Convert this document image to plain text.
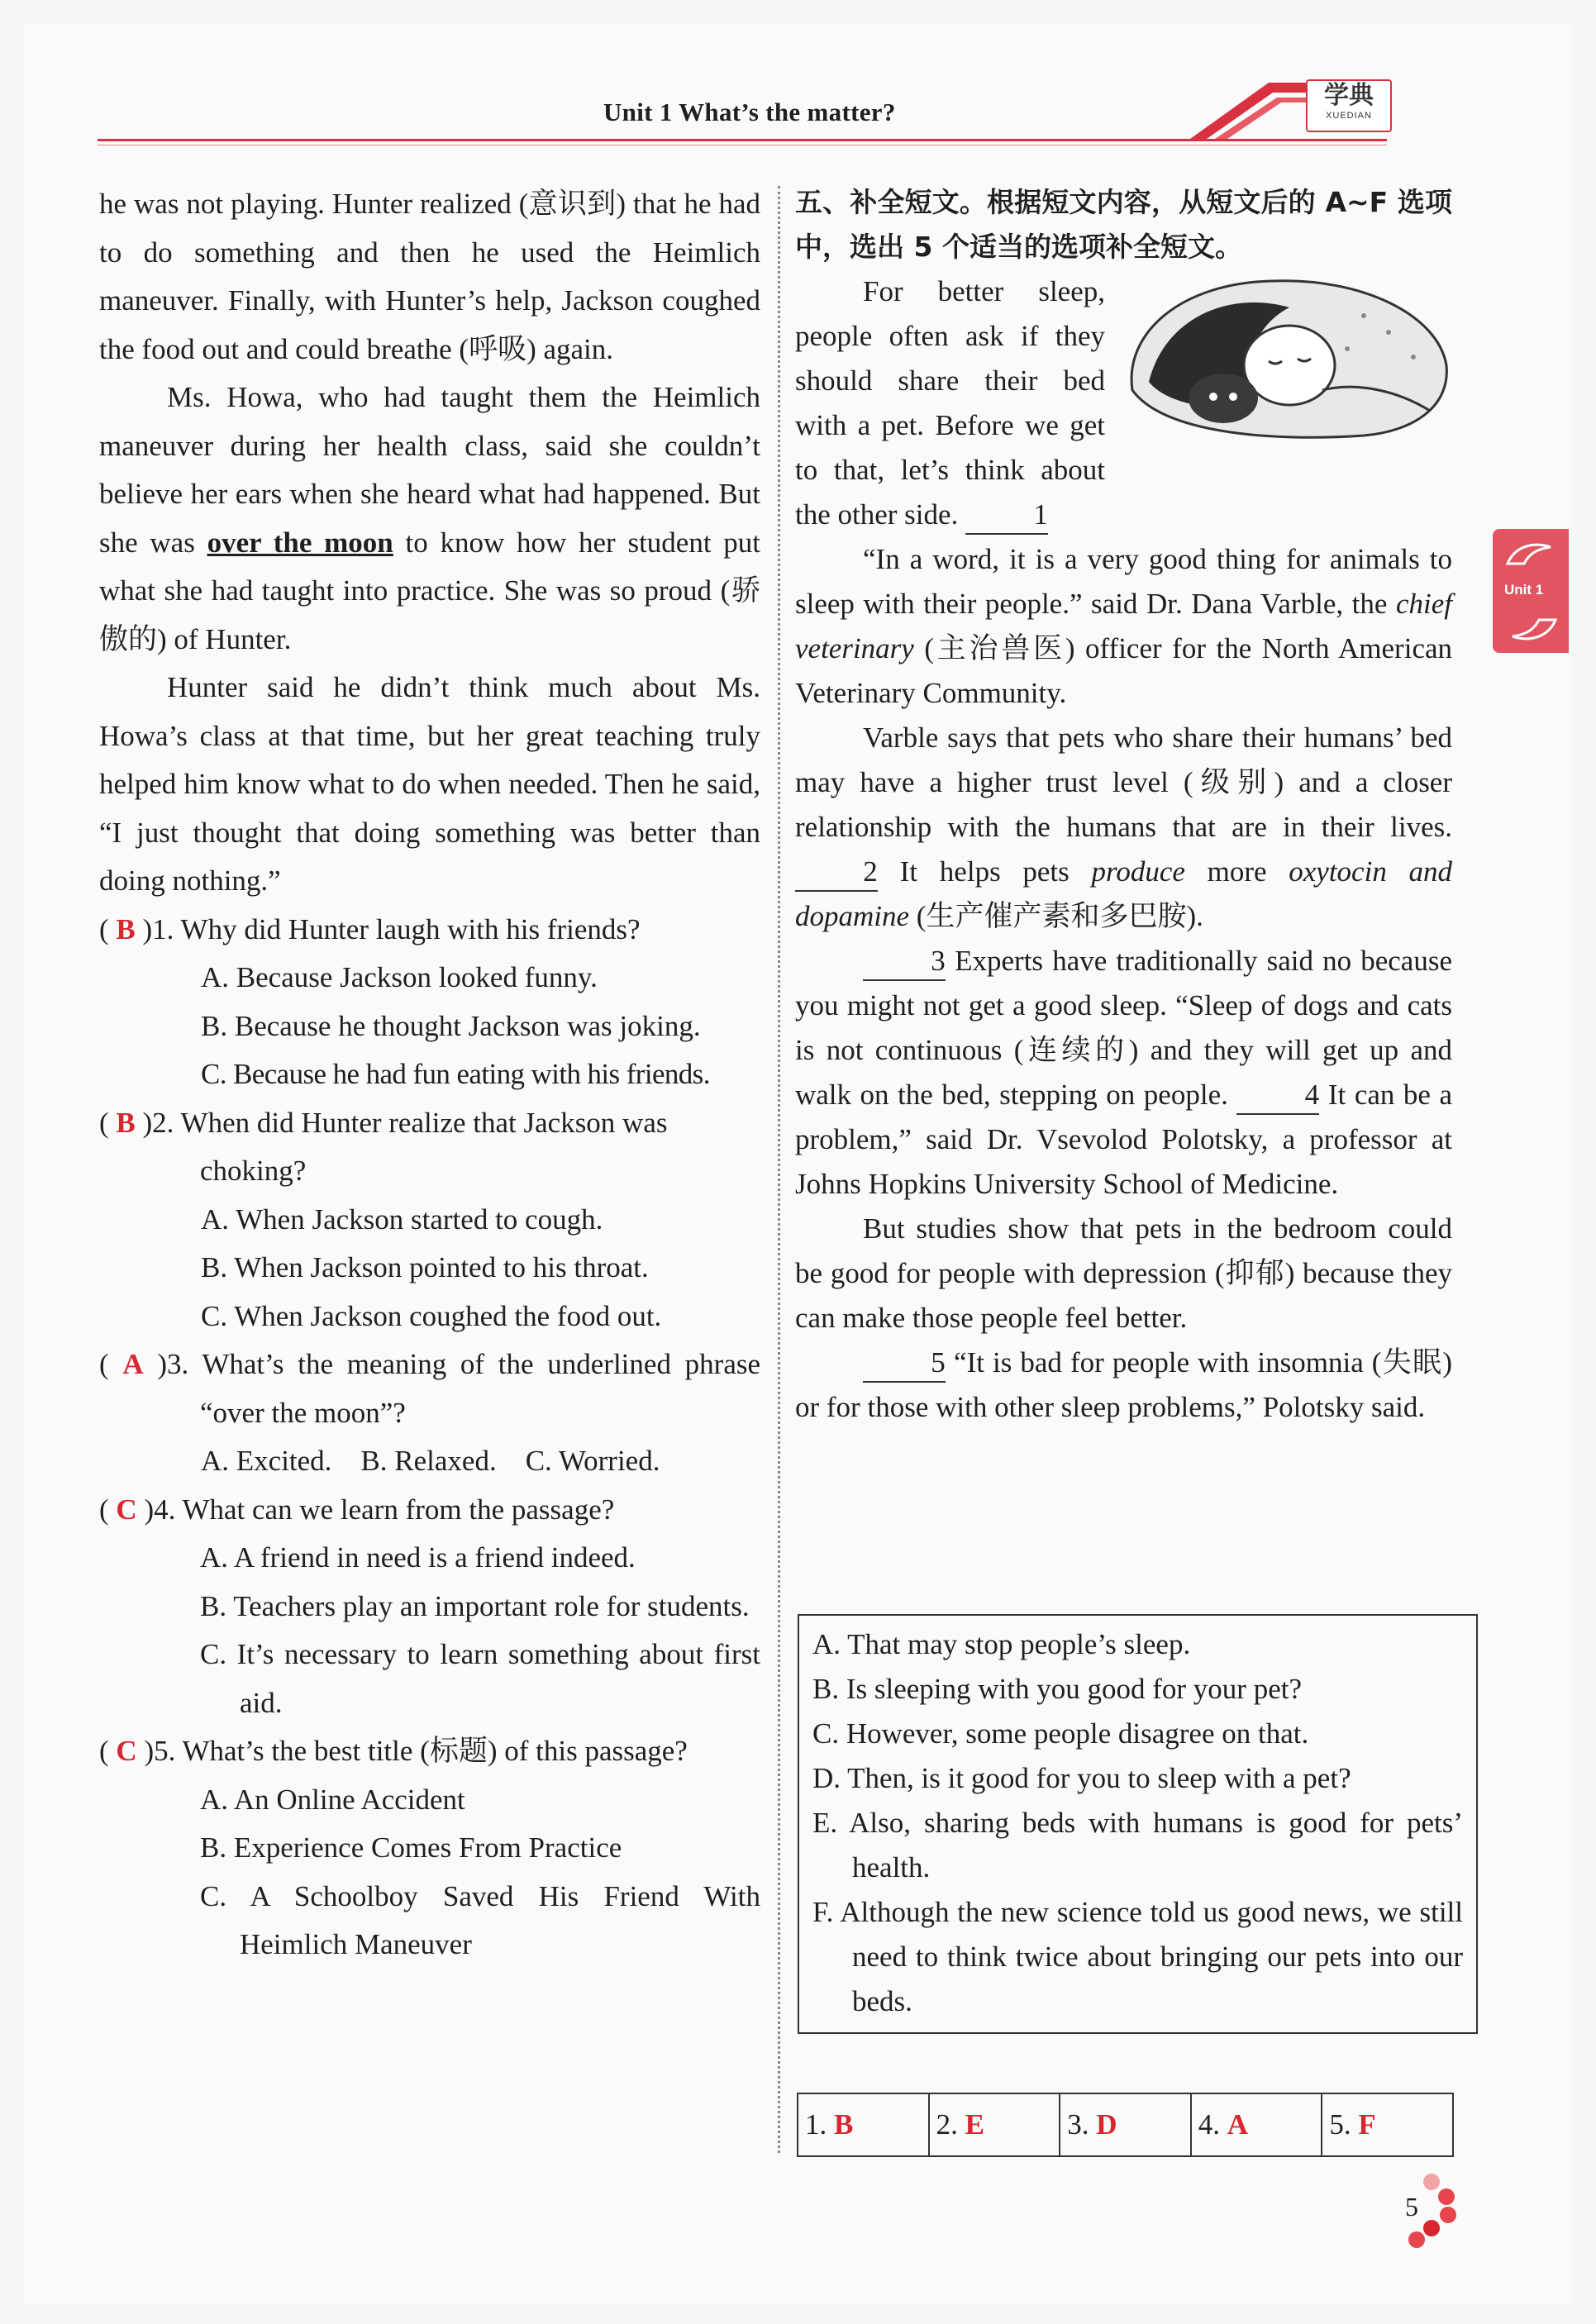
学典
XUEDIAN
Unit 1 What’s the matter?
Unit 1

he was not playing. Hunter realized (意识到) that he had to do something and then he used the Heimlich maneuver. Finally, with Hunter’s help, Jackson coughed the food out and could breathe (呼吸) again.

Ms. Howa, who had taught them the Heimlich maneuver during her health class, said she couldn’t believe her ears when she heard what had happened. But she was over the moon to know how her student put what she had taught into practice. She was so proud (骄傲的) of Hunter.

Hunter said he didn’t think much about Ms. Howa’s class at that time, but her great teaching truly helped him know what to do when needed. Then he said, “I just thought that doing something was better than doing nothing.”

( B )1. Why did Hunter laugh with his friends?
A. Because Jackson looked funny.
B. Because he thought Jackson was joking.
C. Because he had fun eating with his friends.
( B )2. When did Hunter realize that Jackson was choking?
A. When Jackson started to cough.
B. When Jackson pointed to his throat.
C. When Jackson coughed the food out.
( A )3. What’s the meaning of the underlined phrase “over the moon”?
A. Excited.    B. Relaxed.    C. Worried.
( C )4. What can we learn from the passage?
A. A friend in need is a friend indeed.
B. Teachers play an important role for students.
C. It’s necessary to learn something about first aid.
( C )5. What’s the best title (标题) of this passage?
A. An Online Accident
B. Experience Comes From Practice
C. A Schoolboy Saved His Friend With Heimlich Maneuver

五、补全短文。根据短文内容，从短文后的 A~F 选项中，选出 5 个适当的选项补全短文。

For better sleep, people often ask if they should share their bed with a pet. Before we get to that, let’s think about the other side.	1

“In a word, it is a very good thing for animals to sleep with their people.” said Dr. Dana Varble, the chief veterinary (主治兽医) officer for the North American Veterinary Community.

Varble says that pets who share their humans’ bed may have a higher trust level (级别) and a closer relationship with the humans that are in their lives. 2 It helps pets produce more oxytocin and dopamine (生产催产素和多巴胺).

3 Experts have traditionally said no because you might not get a good sleep. “Sleep of dogs and cats is not continuous (连续的) and they will get up and walk on the bed, stepping on people.	4 It can be a problem,” said Dr. Vsevolod Polotsky, a professor at Johns Hopkins University School of Medicine.

But studies show that pets in the bedroom could be good for people with depression (抑郁) because they can make those people feel better.

5 “It is bad for people with insomnia (失眠) or for those with other sleep problems,” Polotsky said.

A. That may stop people’s sleep.
B. Is sleeping with you good for your pet?
C. However, some people disagree on that.
D. Then, is it good for you to sleep with a pet?
E. Also, sharing beds with humans is good for pets’ health.
F. Although the new science told us good news, we still need to think twice about bringing our pets into our beds.
1. B	2. E	3. D	4. A	5. F
5
